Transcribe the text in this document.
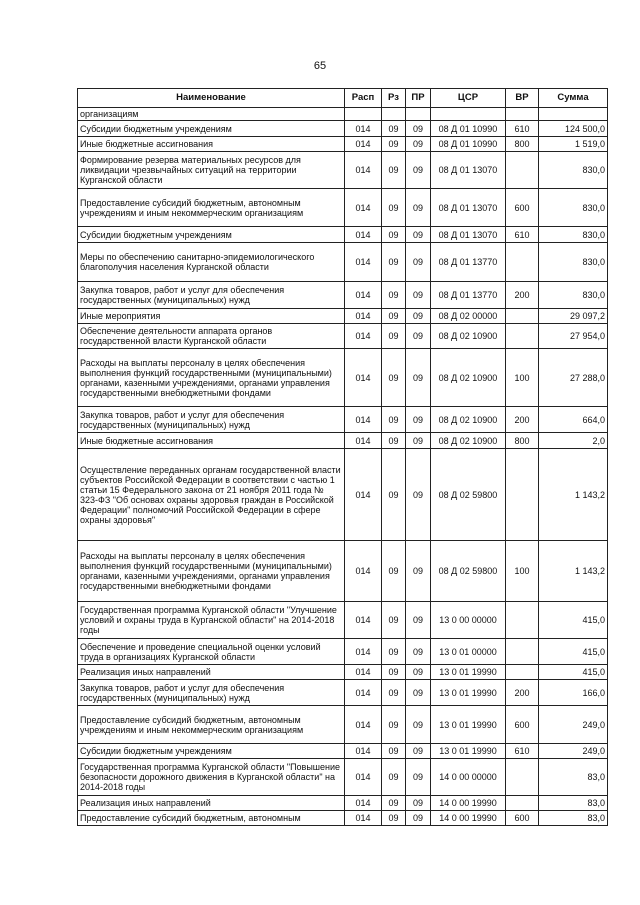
65
Наименование	Расп	Рз	ПР	ЦСР	ВР	Сумма
организациям						
Субсидии бюджетным учреждениям	014	09	09	08 Д 01 10990	610	124 500,0
Иные бюджетные ассигнования	014	09	09	08 Д 01 10990	800	1 519,0
Формирование резерва материальных ресурсов для ликвидации чрезвычайных ситуаций на территории Курганской области	014	09	09	08 Д 01 13070		830,0
Предоставление субсидий бюджетным, автономным учреждениям и иным некоммерческим организациям	014	09	09	08 Д 01 13070	600	830,0
Субсидии бюджетным учреждениям	014	09	09	08 Д 01 13070	610	830,0
Меры по обеспечению санитарно-эпидемиологического благополучия населения Курганской области	014	09	09	08 Д 01 13770		830,0
Закупка товаров, работ и услуг для обеспечения государственных (муниципальных) нужд	014	09	09	08 Д 01 13770	200	830,0
Иные мероприятия	014	09	09	08 Д 02 00000		29 097,2
Обеспечение деятельности аппарата органов государственной власти Курганской области	014	09	09	08 Д 02 10900		27 954,0
Расходы на выплаты персоналу в целях обеспечения выполнения функций государственными (муниципальными) органами, казенными учреждениями, органами управления государственными внебюджетными фондами	014	09	09	08 Д 02 10900	100	27 288,0
Закупка товаров, работ и услуг для обеспечения государственных (муниципальных) нужд	014	09	09	08 Д 02 10900	200	664,0
Иные бюджетные ассигнования	014	09	09	08 Д 02 10900	800	2,0
Осуществление переданных органам государственной власти субъектов Российской Федерации в соответствии с частью 1 статьи 15 Федерального закона от 21 ноября 2011 года № 323-ФЗ "Об основах охраны здоровья граждан в Российской Федерации" полномочий Российской Федерации в сфере охраны здоровья"	014	09	09	08 Д 02 59800		1 143,2
Расходы на выплаты персоналу в целях обеспечения выполнения функций государственными (муниципальными) органами, казенными учреждениями, органами управления государственными внебюджетными фондами	014	09	09	08 Д 02 59800	100	1 143,2
Государственная программа Курганской области "Улучшение условий и охраны труда в Курганской области" на 2014-2018 годы	014	09	09	13 0 00 00000		415,0
Обеспечение и проведение специальной оценки условий труда в организациях Курганской области	014	09	09	13 0 01 00000		415,0
Реализация иных направлений	014	09	09	13 0 01 19990		415,0
Закупка товаров, работ и услуг для обеспечения государственных (муниципальных) нужд	014	09	09	13 0 01 19990	200	166,0
Предоставление субсидий бюджетным, автономным учреждениям и иным некоммерческим организациям	014	09	09	13 0 01 19990	600	249,0
Субсидии бюджетным учреждениям	014	09	09	13 0 01 19990	610	249,0
Государственная программа Курганской области "Повышение безопасности дорожного движения в Курганской области" на 2014-2018 годы	014	09	09	14 0 00 00000		83,0
Реализация иных направлений	014	09	09	14 0 00 19990		83,0
Предоставление субсидий бюджетным, автономным	014	09	09	14 0 00 19990	600	83,0
